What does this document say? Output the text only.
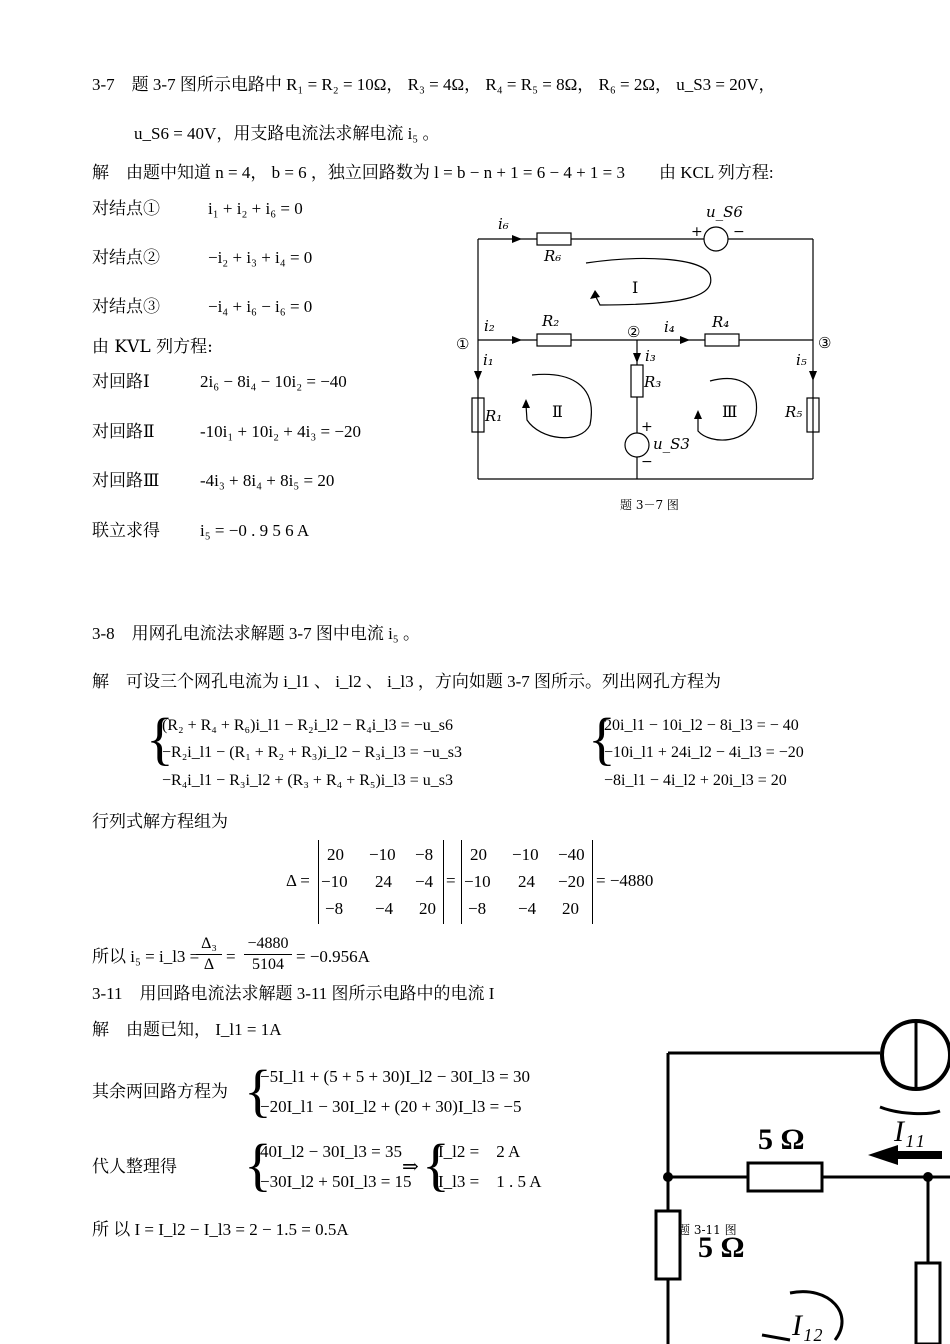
3-7　题 3-7 图所示电路中 R₁ = R₂ = 10Ω， R₃ = 4Ω， R₄ = R₅ = 8Ω， R₆ = 2Ω， u_S3 = 20V，
u_S6 = 40V，用支路电流法求解电流 i₅ 。
解　由题中知道 n = 4， b = 6 ，独立回路数为 l = b − n + 1 = 6 − 4 + 1 = 3　　由 KCL 列方程:
对结点①	i₁ + i₂ + i₆ = 0
对结点②	−i₂ + i₃ + i₄ = 0
对结点③	−i₄ + i₆ − i₆ = 0
由 KVL 列方程:
对回路Ⅰ	2i₆ − 8i₄ − 10i₂ = −40
对回路Ⅱ	-10i₁ + 10i₂ + 4i₃ = −20
对回路Ⅲ -4i₃ + 8i₄ + 8i₅ = 20
联立求得 i₅ = −0 . 9 5 6 A
i₆
u_S6
+ −
R₆
Ⅰ
①
②
③
i₂	R₂	i₄ R₄
i₁	i₃
R₃
i₅
Ⅱ	Ⅲ
R₁	R₅
+
−
u_S3
题 3－7 图
3-8　用网孔电流法求解题 3-7 图中电流 i₅ 。
解　可设三个网孔电流为 i_l1 、 i_l2 、 i_l3 ，方向如题 3-7 图所示。列出网孔方程为
{
(R₂ + R₄ + R₆)i_l1 − R₂i_l2 − R₄i_l3 = −u_s6
−R₂i_l1 − (R₁ + R₂ + R₃)i_l2 − R₃i_l3 = −u_s3
−R₄i_l1 − R₃i_l2 + (R₃ + R₄ + R₅)i_l3 = u_s3
{
20i_l1 − 10i_l2 − 8i_l3 = − 40
−10i_l1 + 24i_l2 − 4i_l3 = −20
−8i_l1 − 4i_l2 + 20i_l3 = 20
行列式解方程组为
Δ =
20 −10 −8
−10 24 −4
−8 −4 20
=
20 −10 −40
−10 24 −20
−8 −4 20
= −4880
所以 i₅ = i_l3 =
Δ₃
Δ =
−4880
5104 = −0.956A
3-11　用回路电流法求解题 3-11 图所示电路中的电流 I
解　由题已知， I_l1 = 1A
其余两回路方程为 {
−5I_l1 + (5 + 5 + 30)I_l2 − 30I_l3 = 30
−20I_l1 − 30I_l2 + (20 + 30)I_l3 = −5
代人整理得 {
40I_l2 − 30I_l3 = 35
−30I_l2 + 50I_l3 = 15
⇒ {
I_l2 =　2 A
I_l3 =　1 . 5 A
所 以 I = I_l2 − I_l3 = 2 − 1.5 = 0.5A
5 Ω	I₁₁
5 Ω
I₁₂
题 3-11 图
